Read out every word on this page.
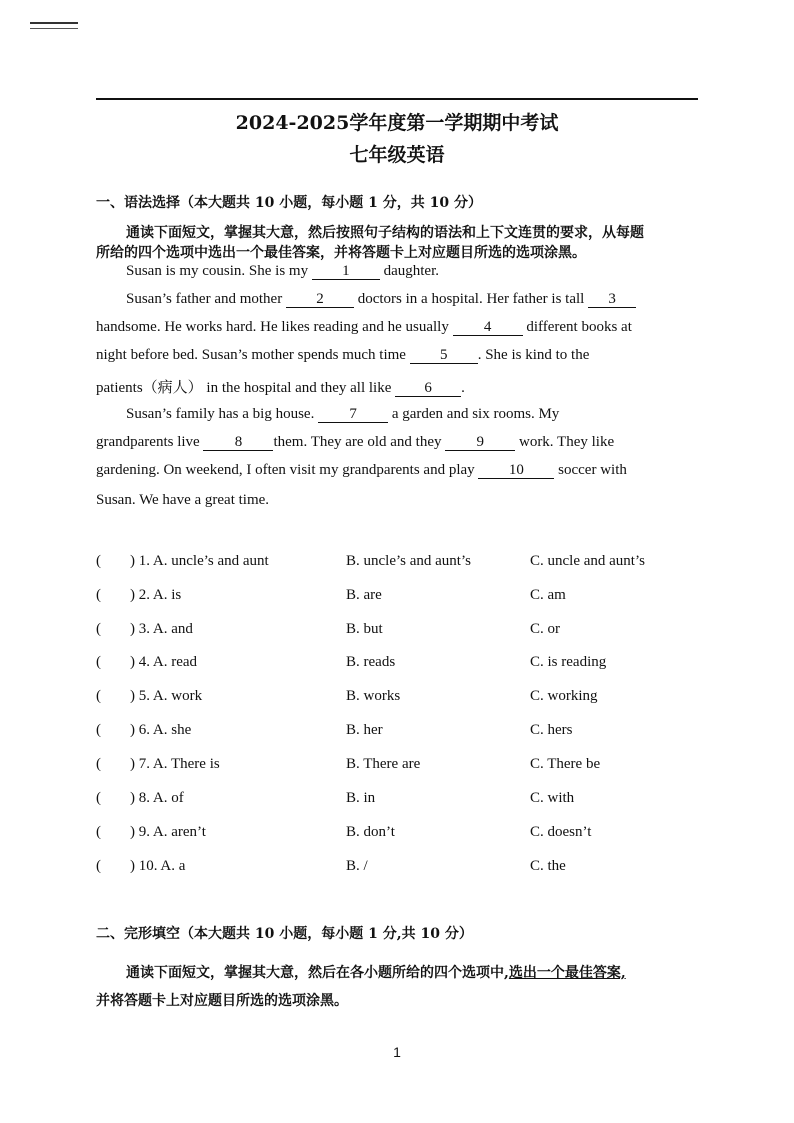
2024-2025学年度第一学期期中考试
七年级英语
一、语法选择（本大题共 10 小题，每小题 1 分，共 10 分）
通读下面短文，掌握其大意，然后按照句子结构的语法和上下文连贯的要求，从每题
所给的四个选项中选出一个最佳答案，并将答题卡上对应题目所选的选项涂黑。
Susan is my cousin. She is my 1 daughter.
Susan’s father and mother 2 doctors in a hospital. Her father is tall 3
handsome. He works hard. He likes reading and he usually 4 different books at
night before bed. Susan’s mother spends much time 5 . She is kind to the
patients（病人） in the hospital and they all like 6 .
Susan’s family has a big house. 7 a garden and six rooms. My
grandparents live 8 them. They are old and they 9 work. They like
gardening. On weekend, I often visit my grandparents and play 10 soccer with
Susan. We have a great time.
( ) 1. A. uncle’s and aunt	B. uncle’s and aunt’s	C. uncle and aunt’s
( ) 2. A. is	B. are	C. am
( ) 3. A. and	B. but	C. or
( ) 4. A. read	B. reads	C. is reading
( ) 5. A. work	B. works	C. working
( ) 6. A. she	B. her	C. hers
( ) 7. A. There is	B. There are	C. There be
( ) 8. A. of	B. in	C. with
( ) 9. A. aren’t	B. don’t	C. doesn’t
( ) 10. A. a	B. /	C. the
二、完形填空（本大题共 10 小题，每小题 1 分,共 10 分）
通读下面短文，掌握其大意，然后在各小题所给的四个选项中,选出一个最佳答案,
并将答题卡上对应题目所选的选项涂黑。
1
